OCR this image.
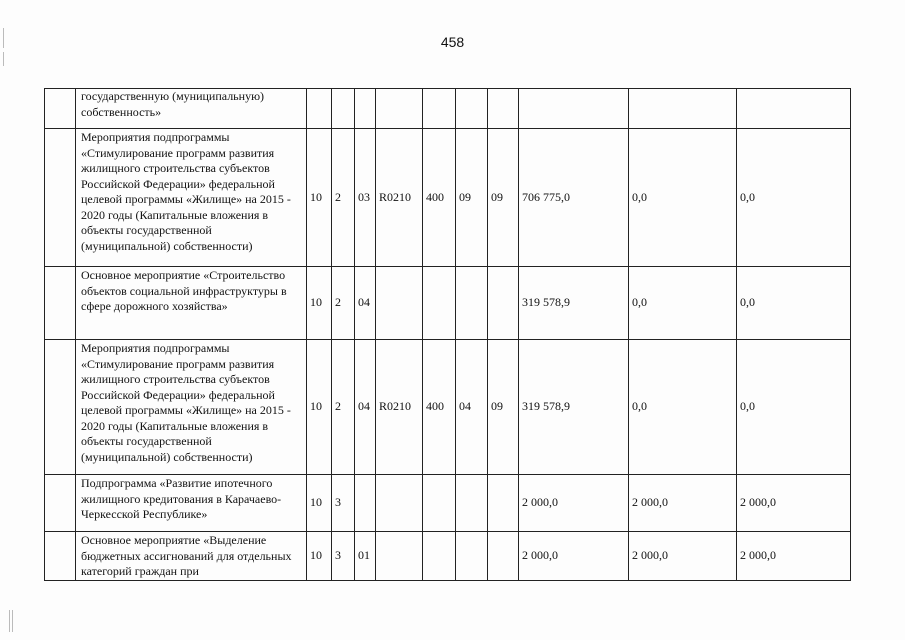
458
	государственную (муниципальную) собственность»										
	Мероприятия подпрограммы «Стимулирование программ развития жилищного строительства субъектов Российской Федерации» федеральной целевой программы «Жилище» на 2015 - 2020 годы (Капитальные вложения в объекты государственной (муниципальной) собственности)	10	2	03	R0210	400	09	09	706 775,0	0,0	0,0
	Основное мероприятие «Строительство объектов социальной инфраструктуры в сфере дорожного хозяйства»	10	2	04					319 578,9	0,0	0,0
	Мероприятия подпрограммы «Стимулирование программ развития жилищного строительства субъектов Российской Федерации» федеральной целевой программы «Жилище» на 2015 - 2020 годы (Капитальные вложения в объекты государственной (муниципальной) собственности)	10	2	04	R0210	400	04	09	319 578,9	0,0	0,0
	Подпрограмма «Развитие ипотечного жилищного кредитования в Карачаево-Черкесской Республике»	10	3						2 000,0	2 000,0	2 000,0
	Основное мероприятие «Выделение бюджетных ассигнований для отдельных категорий граждан при	10	3	01					2 000,0	2 000,0	2 000,0
